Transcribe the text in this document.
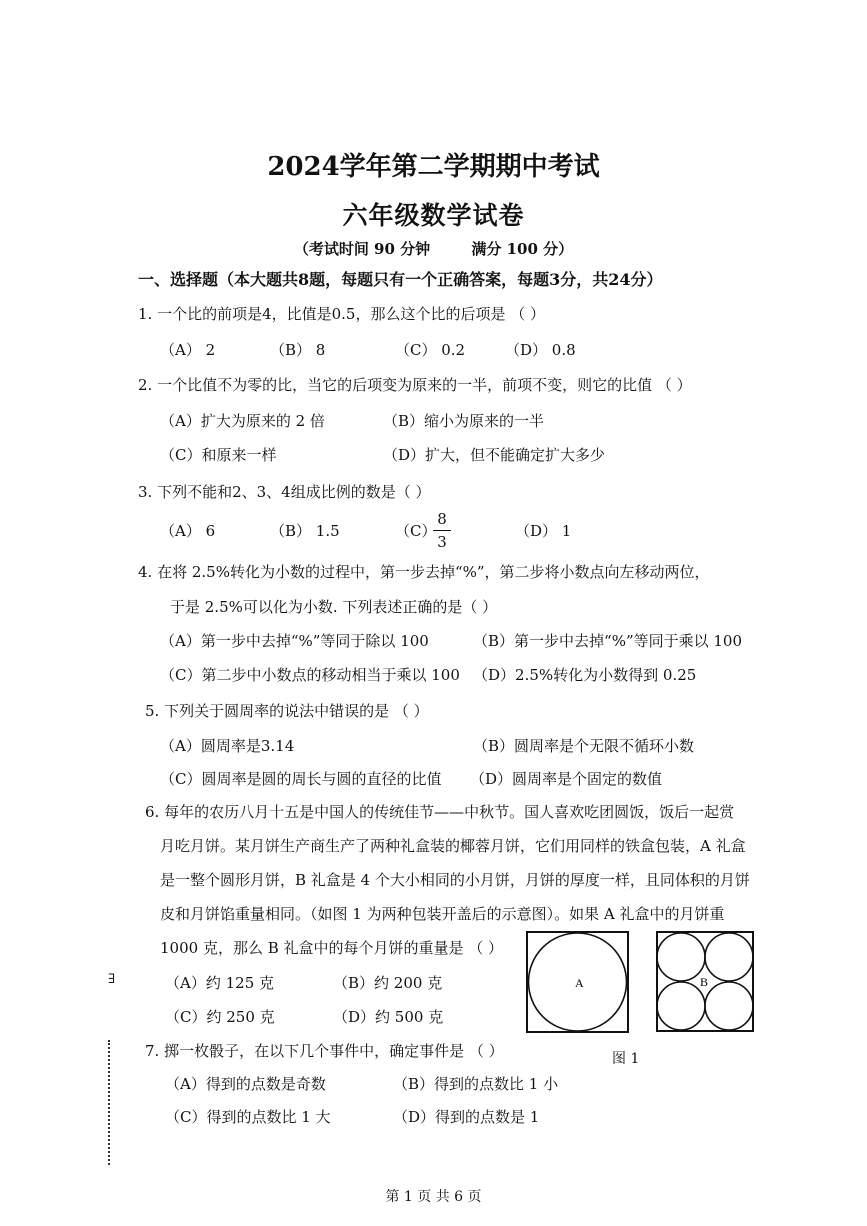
2024学年第二学期期中考试
六年级数学试卷
（考试时间 90 分钟	满分 100 分）
一、选择题（本大题共8题，每题只有一个正确答案，每题3分，共24分）
1. 一个比的前项是4，比值是0.5，那么这个比的后项是 （ ）
（A） 2	（B） 8	（C） 0.2	（D） 0.8
2. 一个比值不为零的比，当它的后项变为原来的一半，前项不变，则它的比值 （ ）
（A）扩大为原来的 2 倍	（B）缩小为原来的一半
（C）和原来一样	（D）扩大，但不能确定扩大多少
3. 下列不能和2、3、4组成比例的数是（ ）
（A） 6	（B） 1.5	（C）
8
3
（D） 1
4. 在将 2.5%转化为小数的过程中，第一步去掉“%”，第二步将小数点向左移动两位，
于是 2.5%可以化为小数. 下列表述正确的是（ ）
（A）第一步中去掉“%”等同于除以 100	（B）第一步中去掉“%”等同于乘以 100
（C）第二步中小数点的移动相当于乘以 100 （D）2.5%转化为小数得到 0.25
5. 下列关于圆周率的说法中错误的是 （ ）
（A）圆周率是3.14	（B）圆周率是个无限不循环小数
（C）圆周率是圆的周长与圆的直径的比值 （D）圆周率是个固定的数值
6. 每年的农历八月十五是中国人的传统佳节——中秋节。国人喜欢吃团圆饭，饭后一起赏
月吃月饼。某月饼生产商生产了两种礼盒装的椰蓉月饼，它们用同样的铁盒包装，A 礼盒
是一整个圆形月饼，B 礼盒是 4 个大小相同的小月饼，月饼的厚度一样，且同体积的月饼
皮和月饼馅重量相同。（如图 1 为两种包装开盖后的示意图）。如果 A 礼盒中的月饼重
1000 克，那么 B 礼盒中的每个月饼的重量是 （ ）
（A）约 125 克	（B）约 200 克
（C）约 250 克	（D）约 500 克
A	B
图 1
7. 掷一枚骰子，在以下几个事件中，确定事件是 （ ）
（A）得到的点数是奇数	（B）得到的点数比 1 小
（C）得到的点数比 1 大	（D）得到的点数是 1
∃
第 1 页 共 6 页
